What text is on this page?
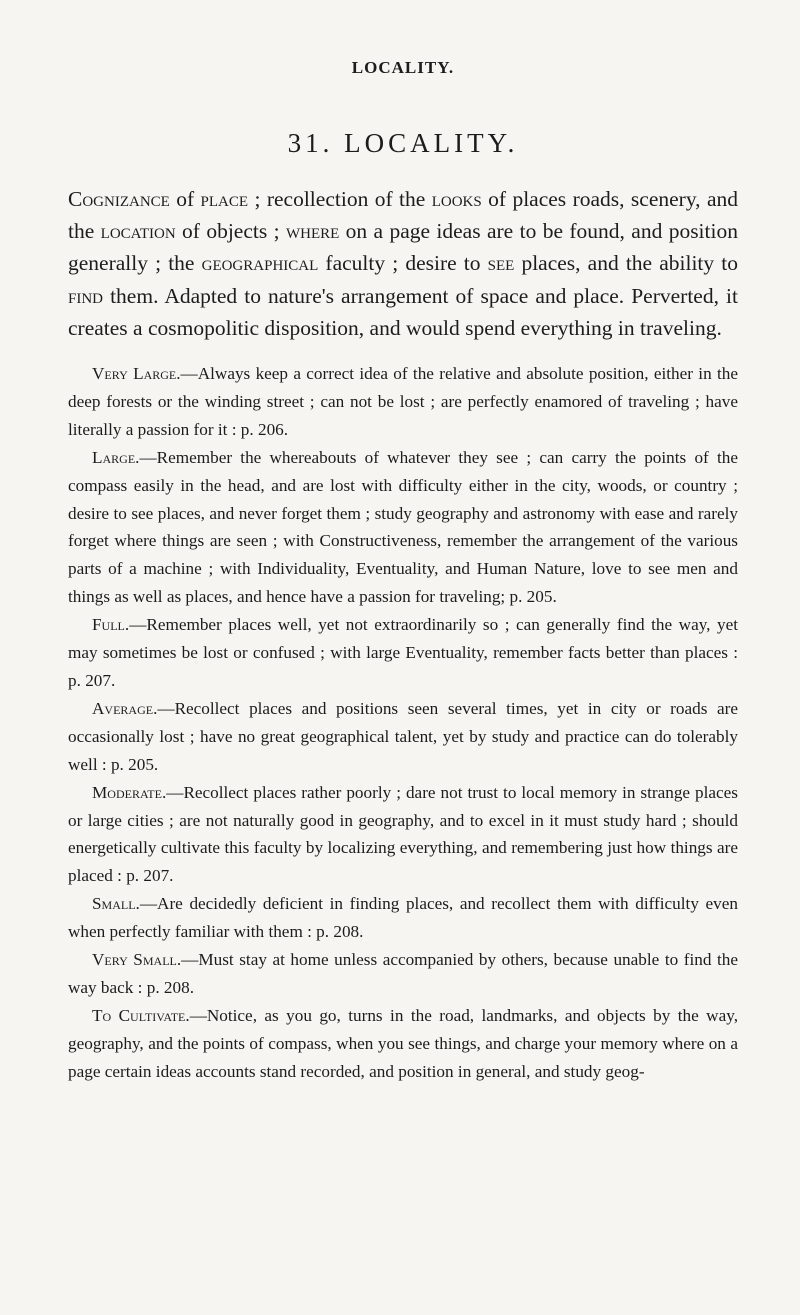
LOCALITY.
31. LOCALITY.

Cognizance of place ; recollection of the looks of places roads, scenery, and the location of objects ; where on a page ideas are to be found, and position generally ; the geographical faculty ; desire to see places, and the ability to find them. Adapted to nature's arrangement of space and place. Perverted, it creates a cosmopolitic disposition, and would spend everything in traveling.

Very Large.—Always keep a correct idea of the relative and absolute position, either in the deep forests or the winding street ; can not be lost ; are perfectly enamored of traveling ; have literally a passion for it : p. 206.

Large.—Remember the whereabouts of whatever they see ; can carry the points of the compass easily in the head, and are lost with difficulty either in the city, woods, or country ; desire to see places, and never forget them ; study geography and astronomy with ease and rarely forget where things are seen ; with Constructiveness, remember the arrangement of the various parts of a machine ; with Individuality, Eventuality, and Human Nature, love to see men and things as well as places, and hence have a passion for traveling; p. 205.

Full.—Remember places well, yet not extraordinarily so ; can generally find the way, yet may sometimes be lost or confused ; with large Eventuality, remember facts better than places : p. 207.

Average.—Recollect places and positions seen several times, yet in city or roads are occasionally lost ; have no great geographical talent, yet by study and practice can do tolerably well : p. 205.

Moderate.—Recollect places rather poorly ; dare not trust to local memory in strange places or large cities ; are not naturally good in geography, and to excel in it must study hard ; should energetically cultivate this faculty by localizing everything, and remembering just how things are placed : p. 207.

Small.—Are decidedly deficient in finding places, and recollect them with difficulty even when perfectly familiar with them : p. 208.

Very Small.—Must stay at home unless accompanied by others, because unable to find the way back : p. 208.

To Cultivate.—Notice, as you go, turns in the road, landmarks, and objects by the way, geography, and the points of compass, when you see things, and charge your memory where on a page certain ideas accounts stand recorded, and position in general, and study geog-
